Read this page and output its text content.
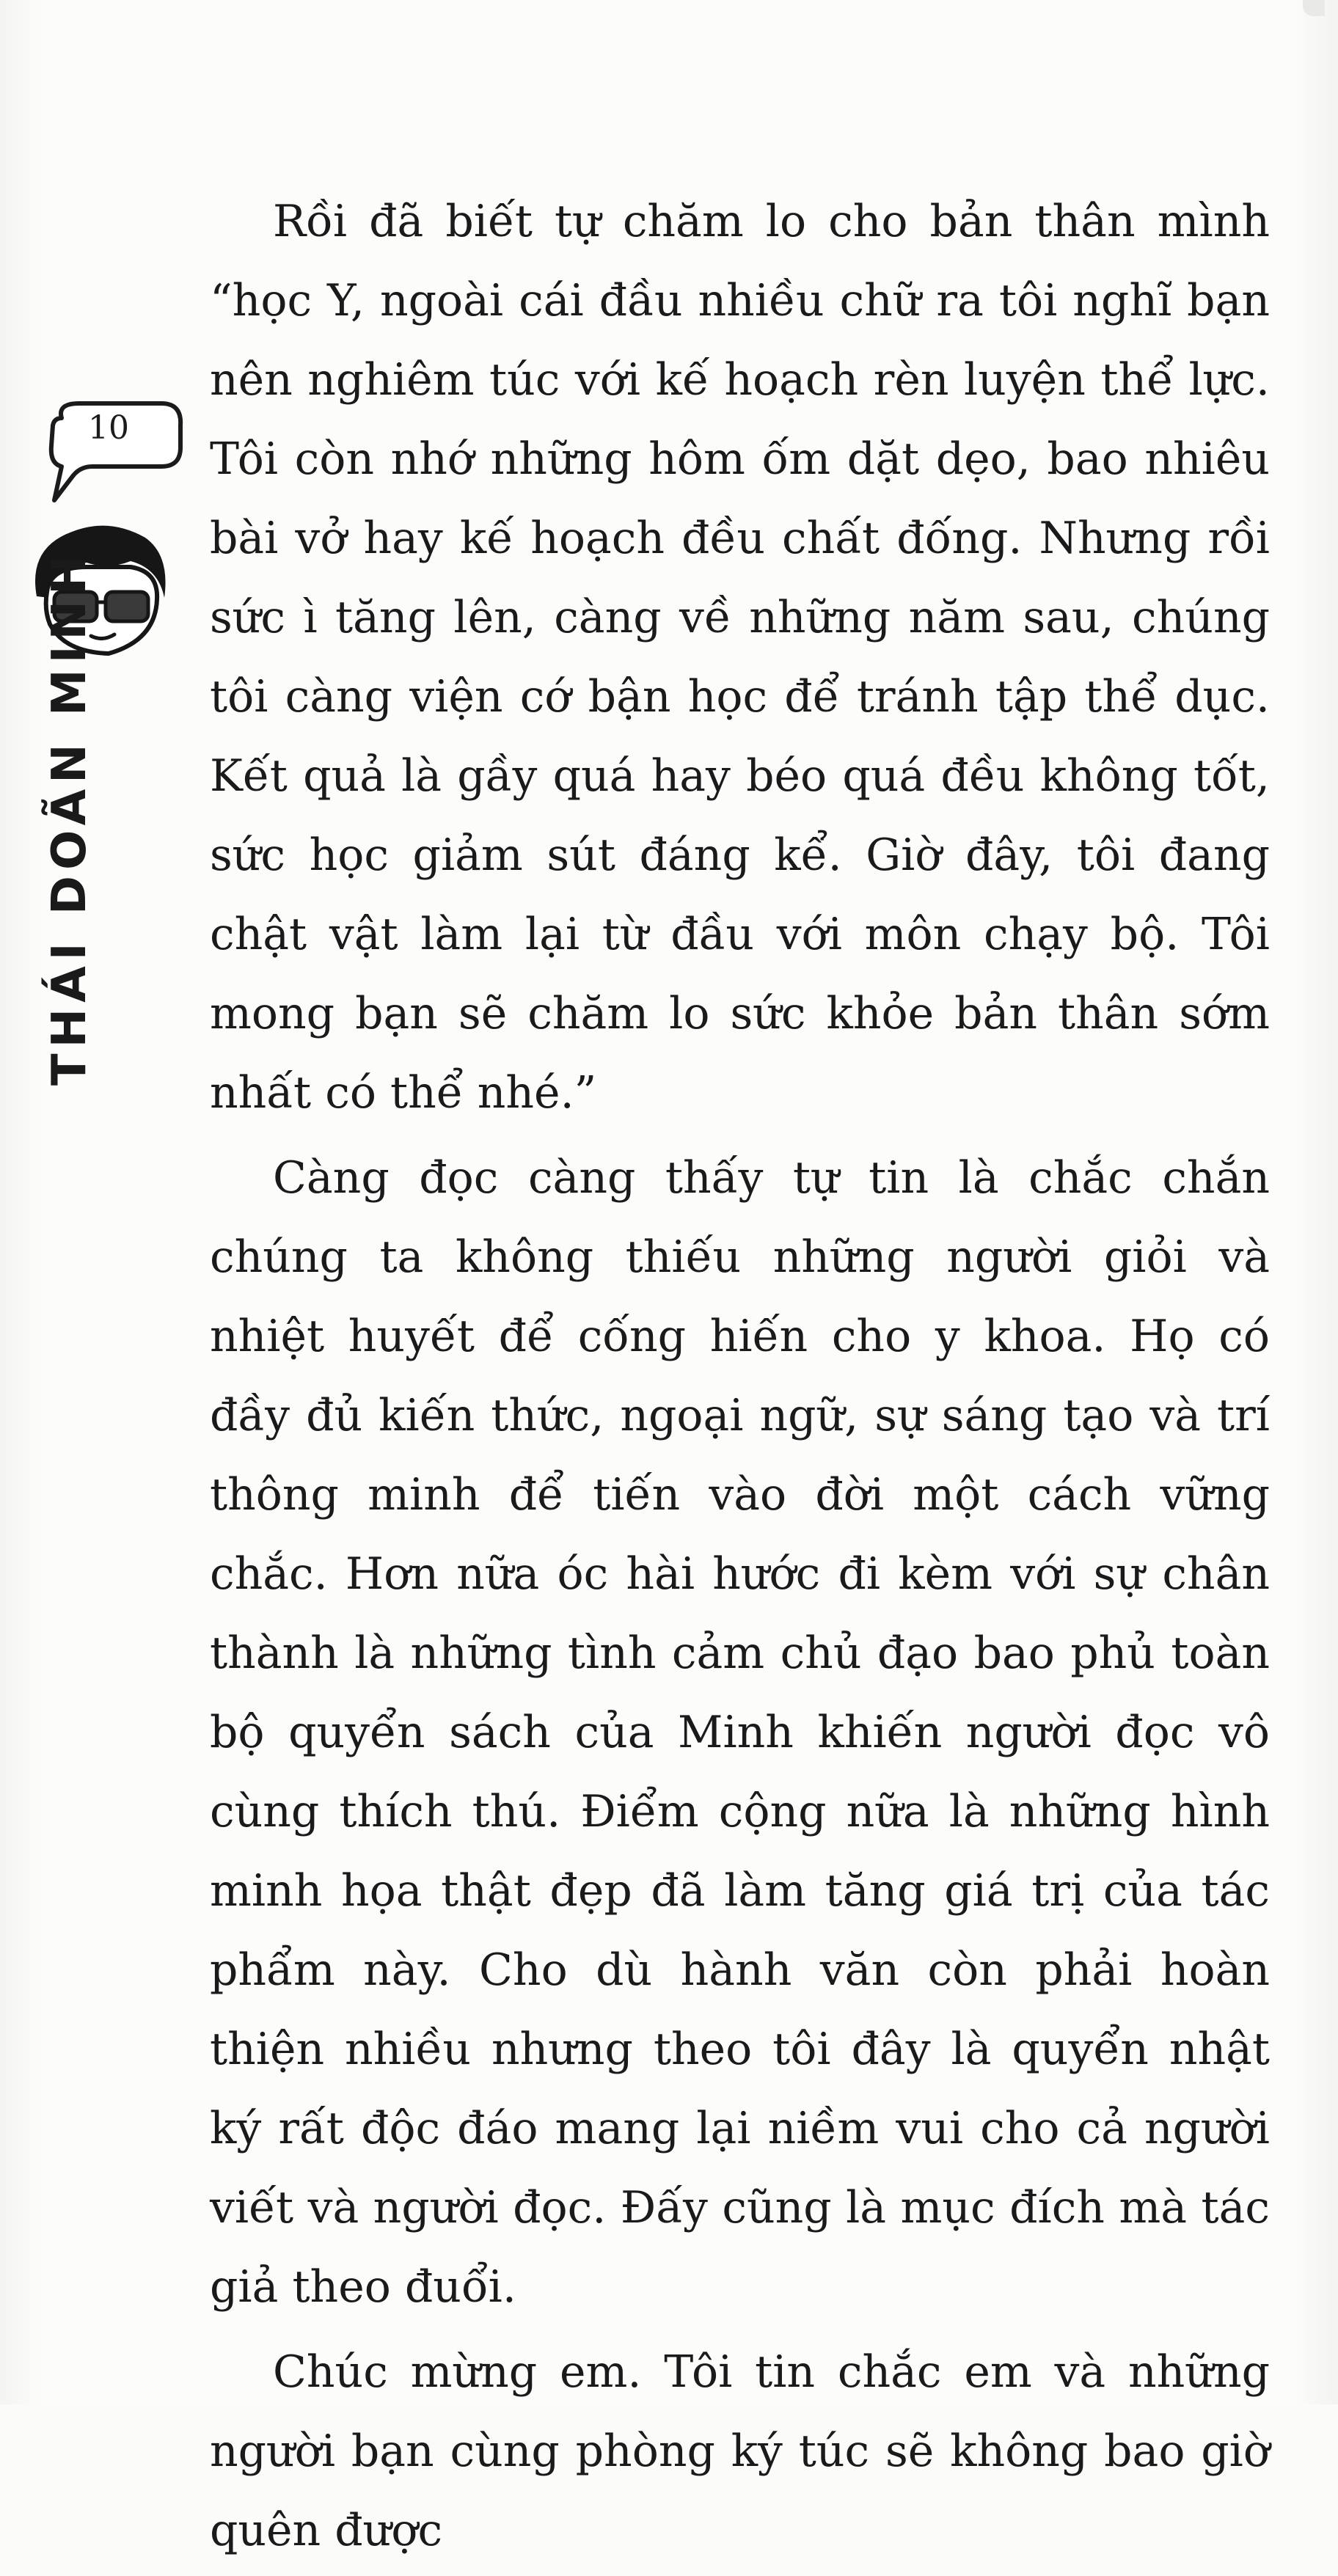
10
THÁI DOÃN MINH

Rồi đã biết tự chăm lo cho bản thân mình “học Y, ngoài cái đầu nhiều chữ ra tôi nghĩ bạn nên nghiêm túc với kế hoạch rèn luyện thể lực. Tôi còn nhớ những hôm ốm dặt dẹo, bao nhiêu bài vở hay kế hoạch đều chất đống. Nhưng rồi sức ì tăng lên, càng về những năm sau, chúng tôi càng viện cớ bận học để tránh tập thể dục. Kết quả là gầy quá hay béo quá đều không tốt, sức học giảm sút đáng kể. Giờ đây, tôi đang chật vật làm lại từ đầu với môn chạy bộ. Tôi mong bạn sẽ chăm lo sức khỏe bản thân sớm nhất có thể nhé.”

Càng đọc càng thấy tự tin là chắc chắn chúng ta không thiếu những người giỏi và nhiệt huyết để cống hiến cho y khoa. Họ có đầy đủ kiến thức, ngoại ngữ, sự sáng tạo và trí thông minh để tiến vào đời một cách vững chắc. Hơn nữa óc hài hước đi kèm với sự chân thành là những tình cảm chủ đạo bao phủ toàn bộ quyển sách của Minh khiến người đọc vô cùng thích thú. Điểm cộng nữa là những hình minh họa thật đẹp đã làm tăng giá trị của tác phẩm này. Cho dù hành văn còn phải hoàn thiện nhiều nhưng theo tôi đây là quyển nhật ký rất độc đáo mang lại niềm vui cho cả người viết và người đọc. Đấy cũng là mục đích mà tác giả theo đuổi.

Chúc mừng em. Tôi tin chắc em và những người bạn cùng phòng ký túc sẽ không bao giờ quên được
